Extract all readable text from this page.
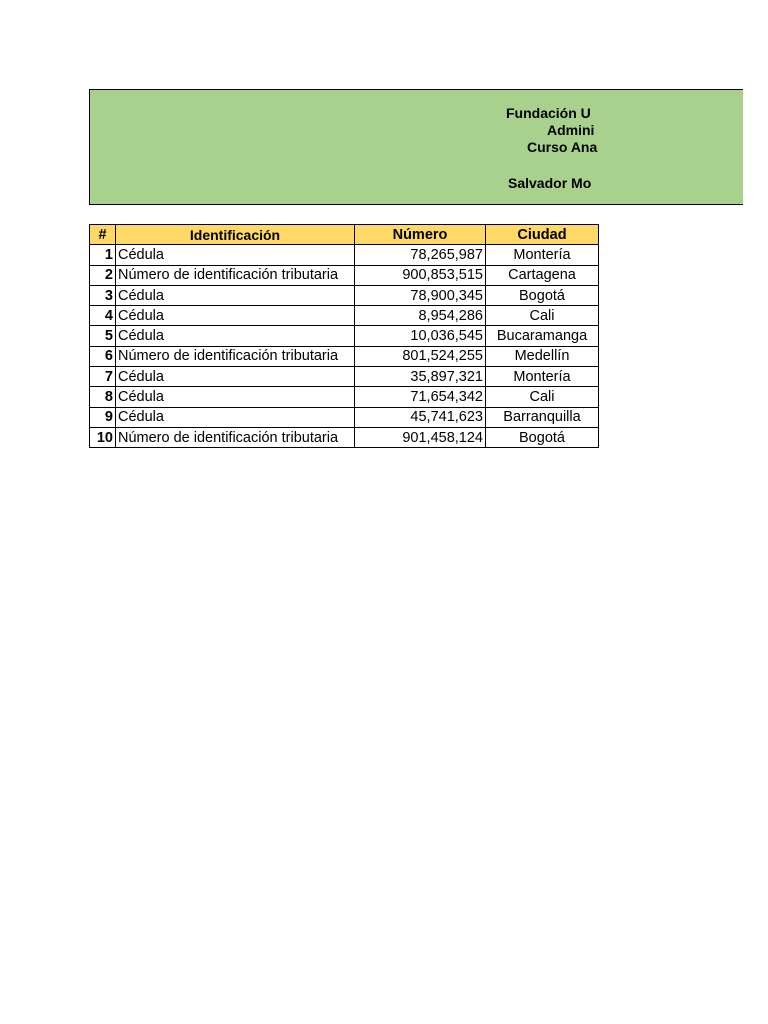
Fundación U
Admini
Curso Ana
Salvador Mo
#	Identificación	Número	Ciudad
1	Cédula	78,265,987	Montería
2	Número de identificación tributaria	900,853,515	Cartagena
3	Cédula	78,900,345	Bogotá
4	Cédula	8,954,286	Cali
5	Cédula	10,036,545	Bucaramanga
6	Número de identificación tributaria	801,524,255	Medellín
7	Cédula	35,897,321	Montería
8	Cédula	71,654,342	Cali
9	Cédula	45,741,623	Barranquilla
10	Número de identificación tributaria	901,458,124	Bogotá
